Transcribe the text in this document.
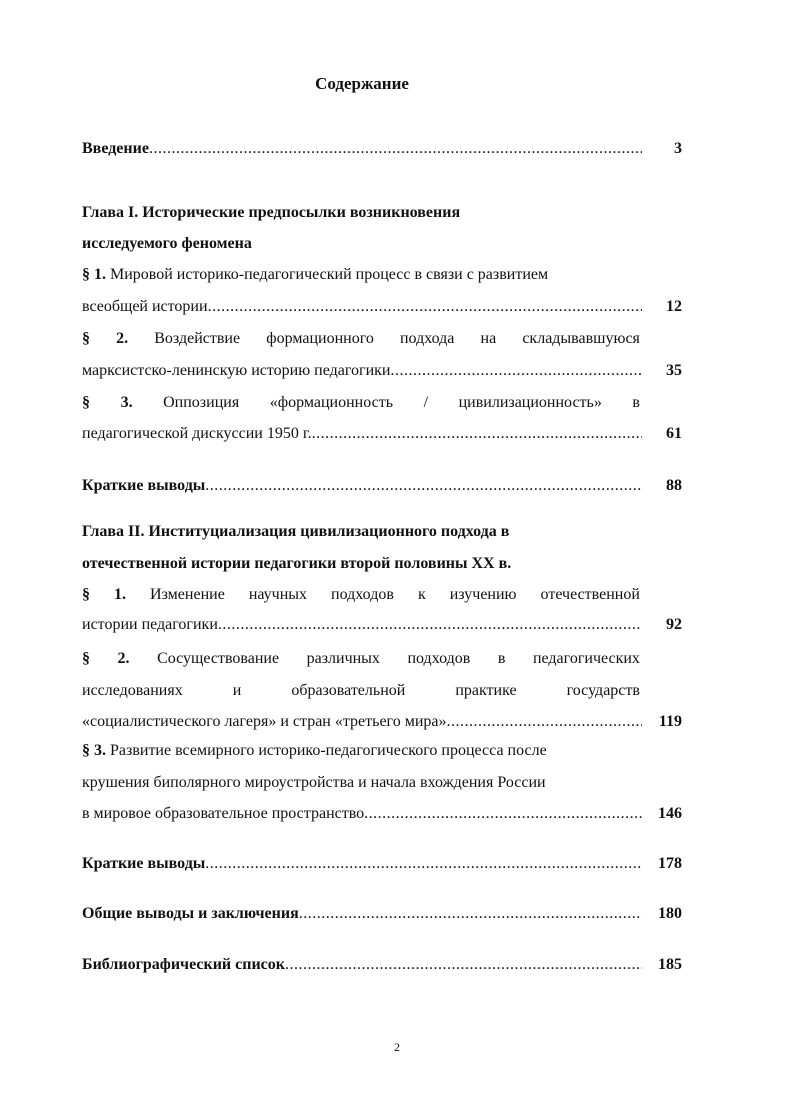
Содержание
Введение .....	3
Глава I. Исторические предпосылки возникновения
исследуемого феномена
§ 1. Мировой историко-педагогический процесс в связи с развитием
всеобщей истории .....	12
§ 2. Воздействие формационного подхода на складывавшуюся
марксистско-ленинскую историю педагогики .....	35
§ 3. Оппозиция «формационность / цивилизационность» в
педагогической дискуссии 1950 г. .....	61
Краткие выводы .....	88
Глава II. Институциализация цивилизационного подхода в
отечественной истории педагогики второй половины XX в.
§ 1. Изменение научных подходов к изучению отечественной
истории педагогики .....	92
§ 2. Сосуществование различных подходов в педагогических
исследованиях	и	образовательной	практике	государств
«социалистического лагеря» и стран «третьего мира» .....	119
§ 3. Развитие всемирного историко-педагогического процесса после
крушения биполярного мироустройства и начала вхождения России
в мировое образовательное пространство .....	146
Краткие выводы .....	178
Общие выводы и заключения .....	180
Библиографический список .....	185
2
